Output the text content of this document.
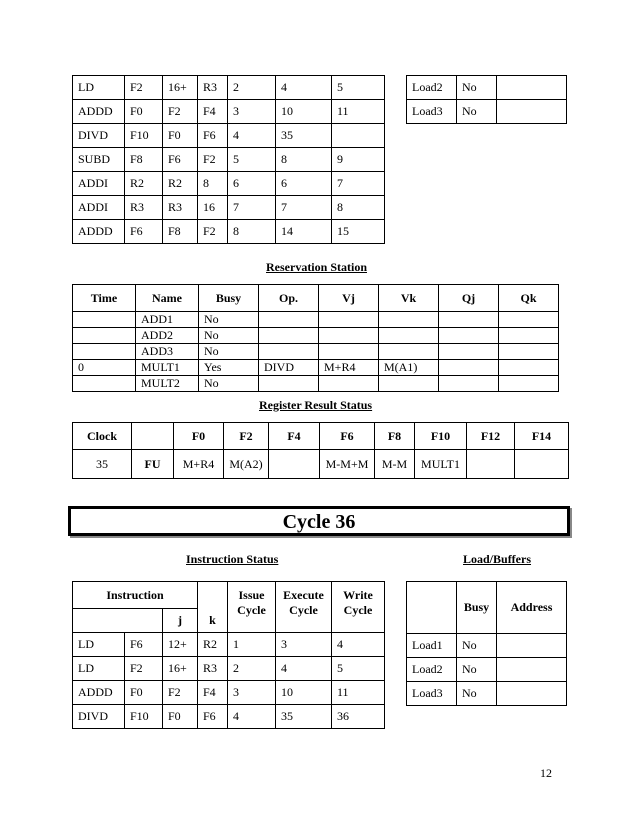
LD	F2	16+	R3	2	4	5
ADDD	F0	F2	F4	3	10	11
DIVD	F10	F0	F6	4	35	
SUBD	F8	F6	F2	5	8	9
ADDI	R2	R2	8	6	6	7
ADDI	R3	R3	16	7	7	8
ADDD	F6	F8	F2	8	14	15
Load2	No	
Load3	No	
Reservation Station
Time	Name	Busy	Op.	Vj	Vk	Qj	Qk
	ADD1	No					
	ADD2	No					
	ADD3	No					
0	MULT1	Yes	DIVD	M+R4	M(A1)		
	MULT2	No					
Register Result Status
Clock		F0	F2	F4	F6	F8	F10	F12	F14
35	FU	M+R4	M(A2)		M-M+M	M-M	MULT1		
Cycle 36
Instruction Status	Load/Buffers
Instruction				Issue Cycle	Execute Cycle	Write Cycle
		j	k			
LD	F6	12+	R2	1	3	4
LD	F2	16+	R3	2	4	5
ADDD	F0	F2	F4	3	10	11
DIVD	F10	F0	F6	4	35	36
	Busy	Address
Load1	No	
Load2	No	
Load3	No	
12
